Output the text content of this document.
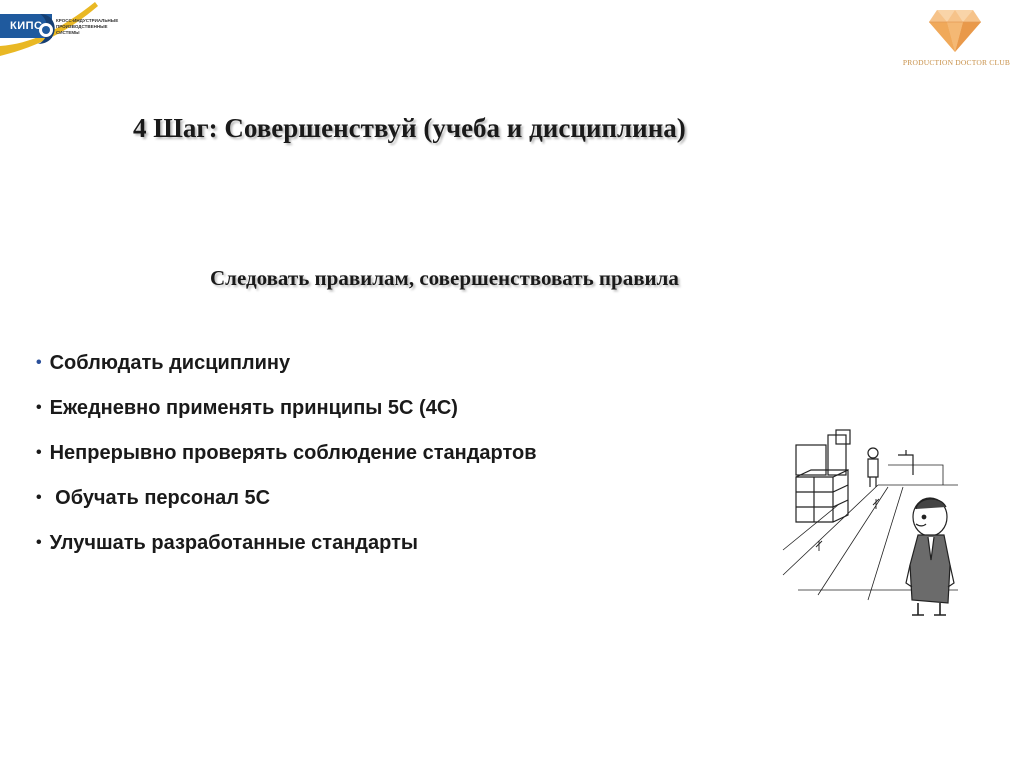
КИПС	КРОСС-ИНДУСТРИАЛЬНЫЕ ПРОИЗВОДСТВЕННЫЕ СИСТЕМЫ
PRODUCTION DOCTOR CLUB
4 Шаг: Совершенствуй (учеба и дисциплина)
Следовать правилам, совершенствовать правила
• Соблюдать дисциплину
• Ежедневно применять принципы 5С (4С)
• Непрерывно проверять соблюдение стандартов
• Обучать персонал 5С
• Улучшать разработанные стандарты
